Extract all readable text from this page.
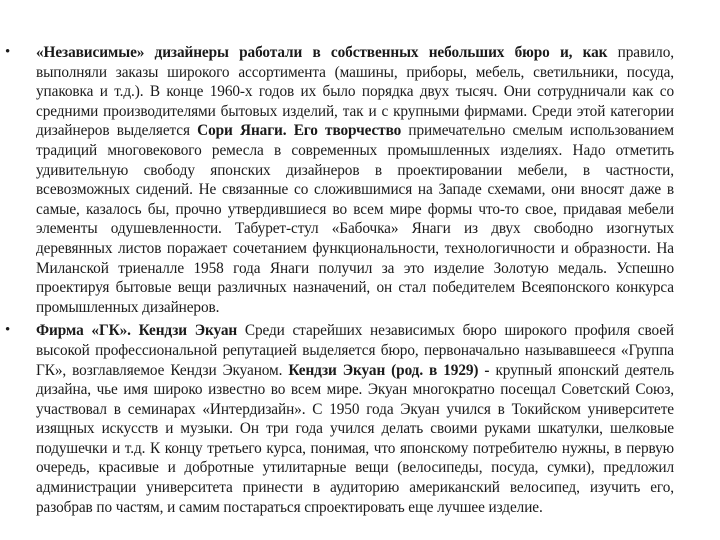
• «Независимые» дизайнеры работали в собственных небольших бюро и, как правило, выполняли заказы широкого ассортимента (машины, приборы, мебель, светильники, посуда, упаковка и т.д.). В конце 1960-х годов их было порядка двух тысяч. Они сотрудничали как со средними производителями бытовых изделий, так и с крупными фирмами. Среди этой категории дизайнеров выделяется Сори Янаги. Его творчество примечательно смелым использованием традиций многовекового ремесла в современных промышленных изделиях. Надо отметить удивительную свободу японских дизайнеров в проектировании мебели, в частности, всевозможных сидений. Не связанные со сложившимися на Западе схемами, они вносят даже в самые, казалось бы, прочно утвердившиеся во всем мире формы что-то свое, придавая мебели элементы одушевленности. Табурет-стул «Бабочка» Янаги из двух свободно изогнутых деревянных листов поражает сочетанием функциональности, технологичности и образности. На Миланской триеналле 1958 года Янаги получил за это изделие Золотую медаль. Успешно проектируя бытовые вещи различных назначений, он стал победителем Всеяпонского конкурса промышленных дизайнеров.

• Фирма «ГК». Кендзи Экуан Среди старейших независимых бюро широкого профиля своей высокой профессиональной репутацией выделяется бюро, первоначально называвшееся «Группа ГК», возглавляемое Кендзи Экуаном. Кендзи Экуан (род. в 1929) - крупный японский деятель дизайна, чье имя широко известно во всем мире. Экуан многократно посещал Советский Союз, участвовал в семинарах «Интердизайн». С 1950 года Экуан учился в Токийском университете изящных искусств и музыки. Он три года учился делать своими руками шкатулки, шелковые подушечки и т.д. К концу третьего курса, понимая, что японскому потребителю нужны, в первую очередь, красивые и добротные утилитарные вещи (велосипеды, посуда, сумки), предложил администрации университета принести в аудиторию американский велосипед, изучить его, разобрав по частям, и самим постараться спроектировать еще лучшее изделие.
